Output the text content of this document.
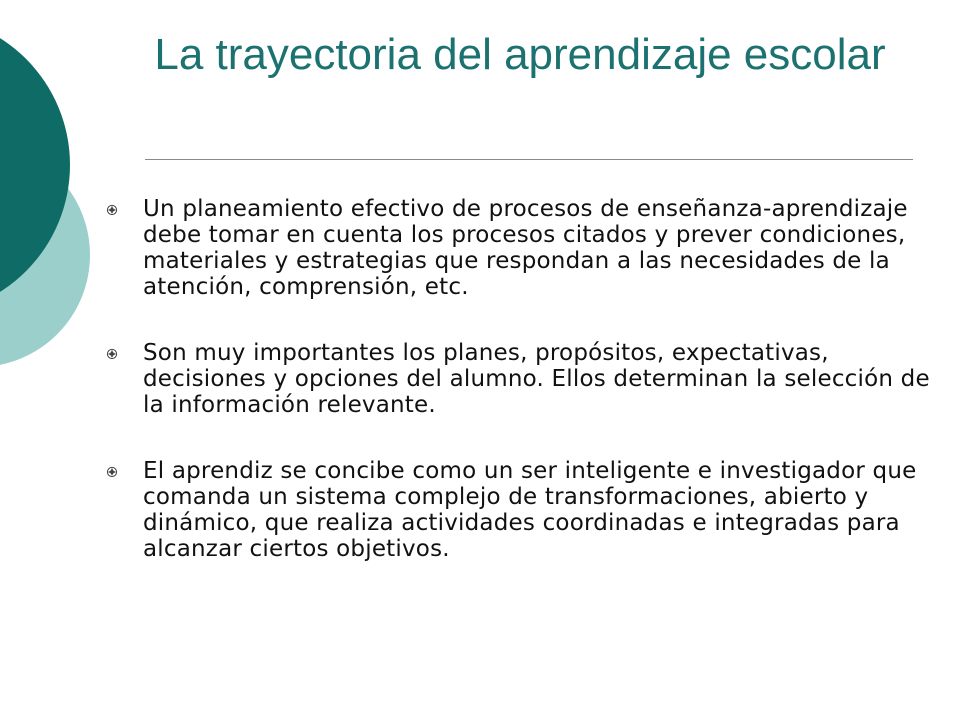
La trayectoria del aprendizaje escolar
Un planeamiento efectivo de procesos de enseñanza-aprendizaje debe tomar en cuenta los procesos citados y prever condiciones, materiales y estrategias que respondan a las necesidades de la atención, comprensión, etc.
Son muy importantes los planes, propósitos, expectativas, decisiones y opciones del alumno. Ellos determinan la selección de la información relevante.
El aprendiz se concibe como un ser inteligente e investigador que comanda un sistema complejo de transformaciones, abierto y dinámico, que realiza actividades coordinadas e integradas para alcanzar ciertos objetivos.
